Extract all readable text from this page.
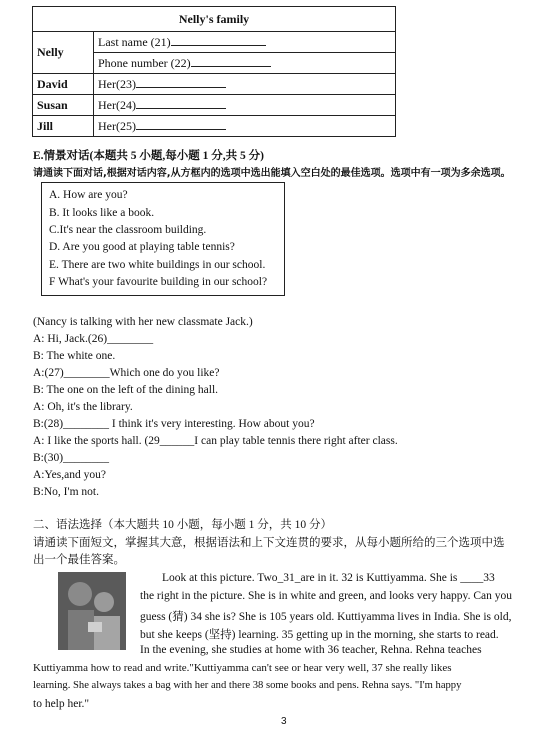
Nelly's family	
Nelly	Last name (21)
	Phone number (22)
David	Her(23)
Susan	Her(24)
Jill	Her(25)
E.情景对话(本题共 5 小题,每小题 1 分,共 5 分)
请通读下面对话,根据对话内容,从方框内的选项中选出能填入空白处的最佳选项。选项中有一项为多余选项。
A. How are you?
B. It looks like a book.
C.It's near the classroom building.
D. Are you good at playing table tennis?
E. There are two white buildings in our school.
F What's your favourite building in our school?
(Nancy is talking with her new classmate Jack.)
A: Hi, Jack.(26)________
B: The white one.
A:(27)________Which one do you like?
B: The one on the left of the dining hall.
A: Oh, it's the library.
B:(28)________ I think it's very interesting. How about you?
A: I like the sports hall. (29______I can play table tennis there right after class.
B:(30)________
A:Yes,and you?
B:No, I'm not.
二、语法选择（本大题共 10 小题，每小题 1 分，共 10 分）
请通读下面短文，掌握其大意，根据语法和上下文连贯的要求，从每小题所给的三个选项中选
出一个最佳答案。
Look at this picture. Two_31_are in it. 32 is Kuttiyamma. She is ____33
the right in the picture. She is in white and green, and looks very happy. Can you
guess (猜) 34 she is? She is 105 years old. Kuttiyamma lives in India. She is old,
but she keeps (坚持) learning. 35 getting up in the morning, she starts to read.
In the evening, she studies at home with 36 teacher, Rehna. Rehna teaches
Kuttiyamma how to read and write."Kuttiyamma can't see or hear very well, 37 she really likes
learning. She always takes a bag with her and there 38 some books and pens. Rehna says. "I'm happy
to help her."
3
